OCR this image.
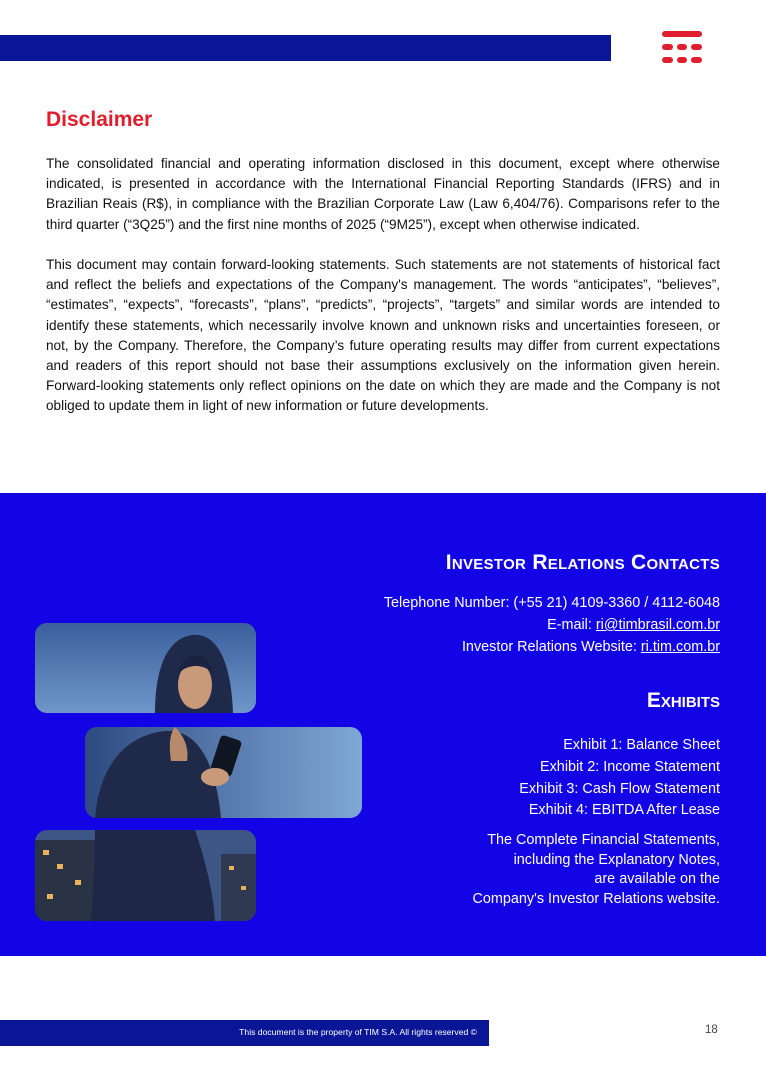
Disclaimer

The consolidated financial and operating information disclosed in this document, except where otherwise indicated, is presented in accordance with the International Financial Reporting Standards (IFRS) and in Brazilian Reais (R$), in compliance with the Brazilian Corporate Law (Law 6,404/76). Comparisons refer to the third quarter (“3Q25”) and the first nine months of 2025 (“9M25”), except when otherwise indicated.

This document may contain forward-looking statements. Such statements are not statements of historical fact and reflect the beliefs and expectations of the Company's management. The words “anticipates”, “believes”, “estimates”, “expects”, “forecasts”, “plans”, “predicts”, “projects”, “targets” and similar words are intended to identify these statements, which necessarily involve known and unknown risks and uncertainties foreseen, or not, by the Company. Therefore, the Company’s future operating results may differ from current expectations and readers of this report should not base their assumptions exclusively on the information given herein. Forward-looking statements only reflect opinions on the date on which they are made and the Company is not obliged to update them in light of new information or future developments.

Investor Relations Contacts
Telephone Number: (+55 21) 4109-3360 / 4112-6048
E-mail: ri@timbrasil.com.br
Investor Relations Website: ri.tim.com.br
Exhibits
Exhibit 1: Balance Sheet
Exhibit 2: Income Statement
Exhibit 3: Cash Flow Statement
Exhibit 4: EBITDA After Lease
The Complete Financial Statements,
including the Explanatory Notes,
are available on the
Company's Investor Relations website.
This document is the property of TIM S.A. All rights reserved ©	18
